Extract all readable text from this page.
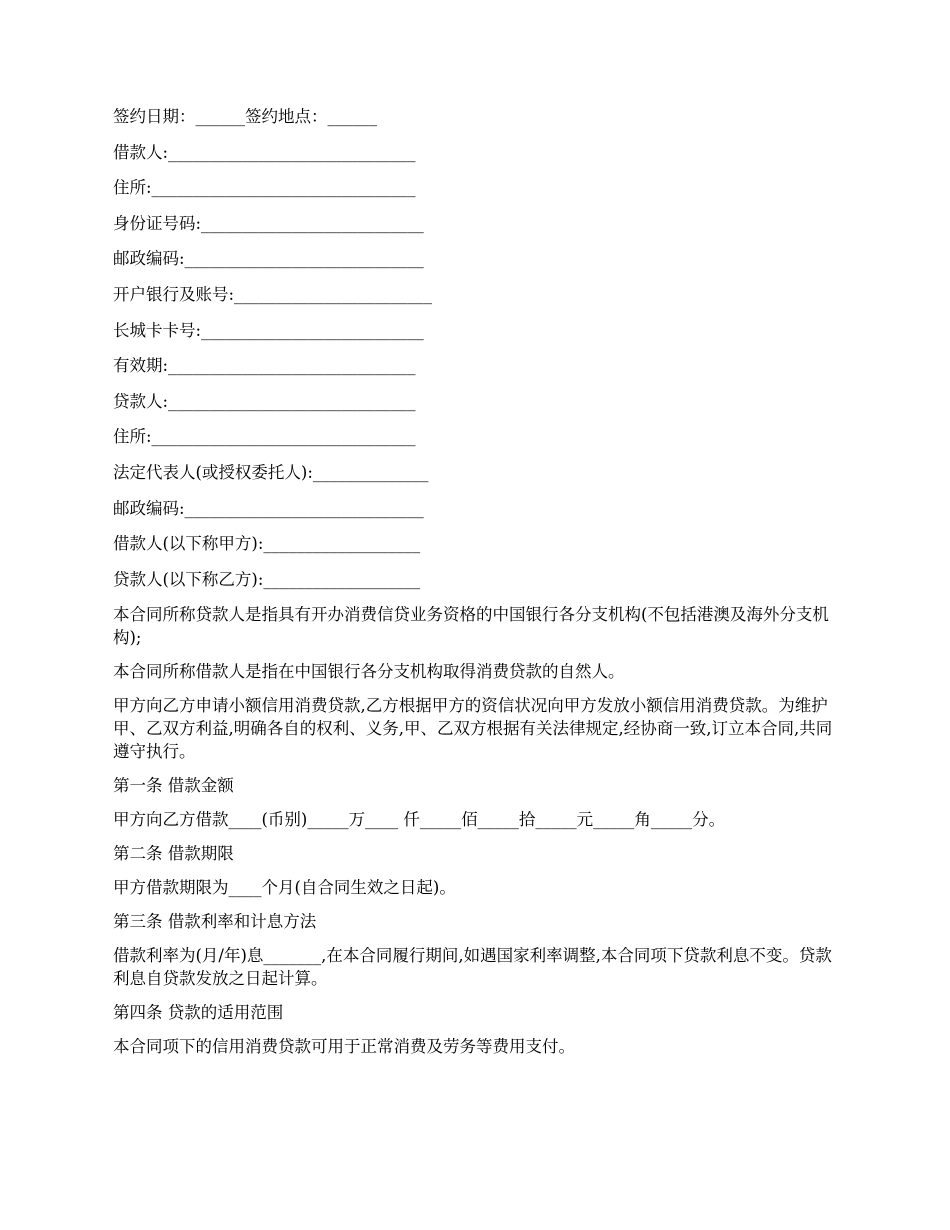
签约日期：______签约地点：______
借款人:______________________________
住所:________________________________
身份证号码:___________________________
邮政编码:_____________________________
开户银行及账号:________________________
长城卡卡号:___________________________
有效期:______________________________
贷款人:______________________________
住所:________________________________
法定代表人(或授权委托人):______________
邮政编码:_____________________________
借款人(以下称甲方):___________________
贷款人(以下称乙方):___________________

本合同所称贷款人是指具有开办消费信贷业务资格的中国银行各分支机构(不包括港澳及海外分支机构);

本合同所称借款人是指在中国银行各分支机构取得消费贷款的自然人。

甲方向乙方申请小额信用消费贷款,乙方根据甲方的资信状况向甲方发放小额信用消费贷款。为维护甲、乙双方利益,明确各自的权利、义务,甲、乙双方根据有关法律规定,经协商一致,订立本合同,共同遵守执行。

第一条 借款金额

甲方向乙方借款____(币别)_____万____ 仟_____佰_____拾_____元_____角_____分。

第二条 借款期限

甲方借款期限为____个月(自合同生效之日起)。

第三条 借款利率和计息方法

借款利率为(月/年)息_______,在本合同履行期间,如遇国家利率调整,本合同项下贷款利息不变。贷款利息自贷款发放之日起计算。

第四条 贷款的适用范围

本合同项下的信用消费贷款可用于正常消费及劳务等费用支付。
